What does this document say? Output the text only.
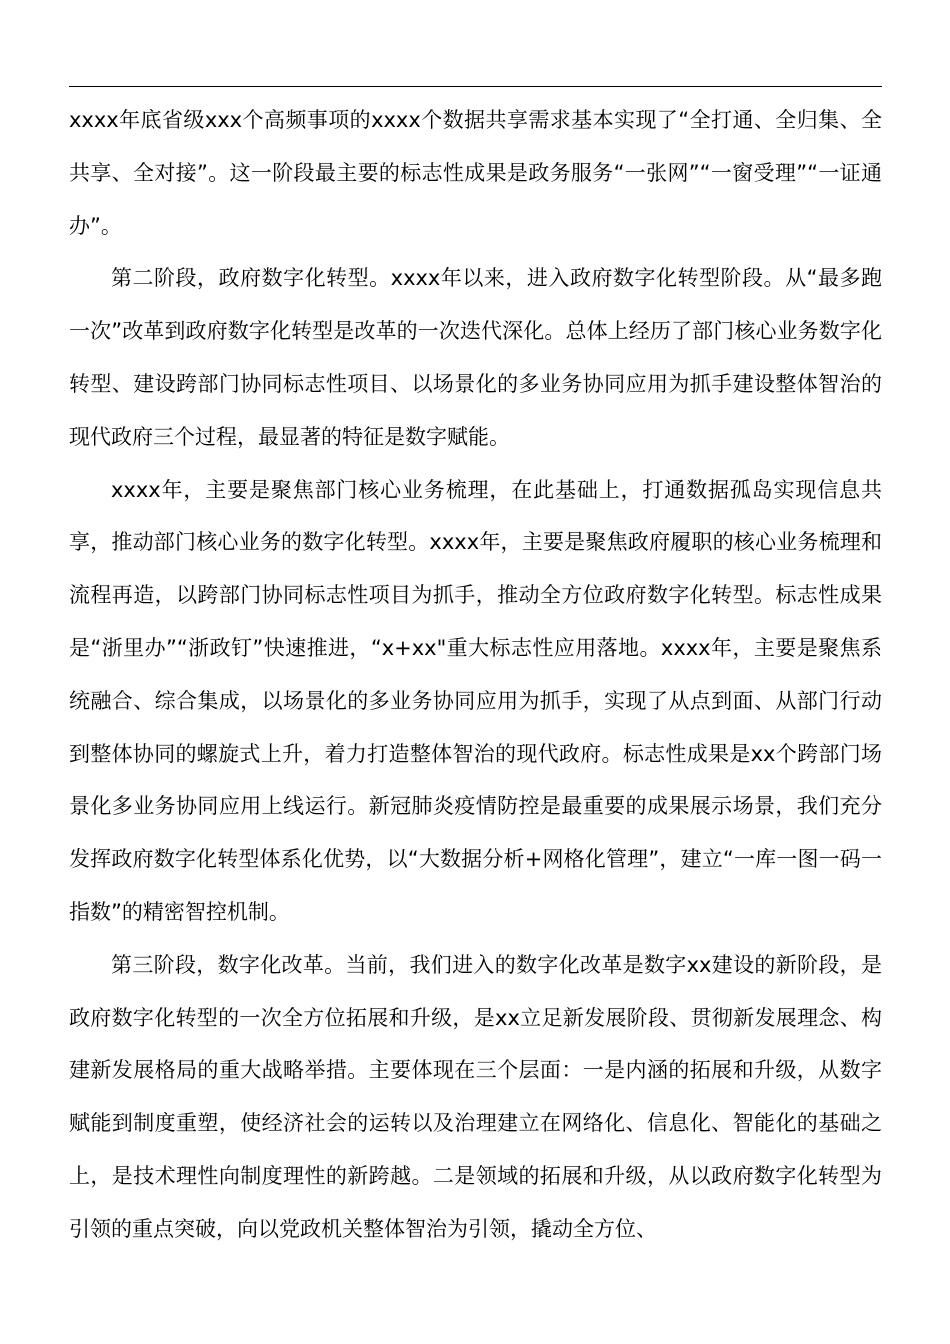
xxxx年底省级xxx个高频事项的xxxx个数据共享需求基本实现了“全打通、全归集、全共享、全对接”。这一阶段最主要的标志性成果是政务服务“一张网”“一窗受理”“一证通办”。

第二阶段，政府数字化转型。xxxx年以来，进入政府数字化转型阶段。从“最多跑一次”改革到政府数字化转型是改革的一次迭代深化。总体上经历了部门核心业务数字化转型、建设跨部门协同标志性项目、以场景化的多业务协同应用为抓手建设整体智治的现代政府三个过程，最显著的特征是数字赋能。

xxxx年，主要是聚焦部门核心业务梳理，在此基础上，打通数据孤岛实现信息共享，推动部门核心业务的数字化转型。xxxx年，主要是聚焦政府履职的核心业务梳理和流程再造，以跨部门协同标志性项目为抓手，推动全方位政府数字化转型。标志性成果是“浙里办”“浙政钉”快速推进，“x+xx"重大标志性应用落地。xxxx年，主要是聚焦系统融合、综合集成，以场景化的多业务协同应用为抓手，实现了从点到面、从部门行动到整体协同的螺旋式上升，着力打造整体智治的现代政府。标志性成果是xx个跨部门场景化多业务协同应用上线运行。新冠肺炎疫情防控是最重要的成果展示场景，我们充分发挥政府数字化转型体系化优势，以“大数据分析+网格化管理”，建立“一库一图一码一指数”的精密智控机制。

第三阶段，数字化改革。当前，我们进入的数字化改革是数字xx建设的新阶段，是政府数字化转型的一次全方位拓展和升级，是xx立足新发展阶段、贯彻新发展理念、构建新发展格局的重大战略举措。主要体现在三个层面：一是内涵的拓展和升级，从数字赋能到制度重塑，使经济社会的运转以及治理建立在网络化、信息化、智能化的基础之上，是技术理性向制度理性的新跨越。二是领域的拓展和升级，从以政府数字化转型为引领的重点突破，向以党政机关整体智治为引领，撬动全方位、
